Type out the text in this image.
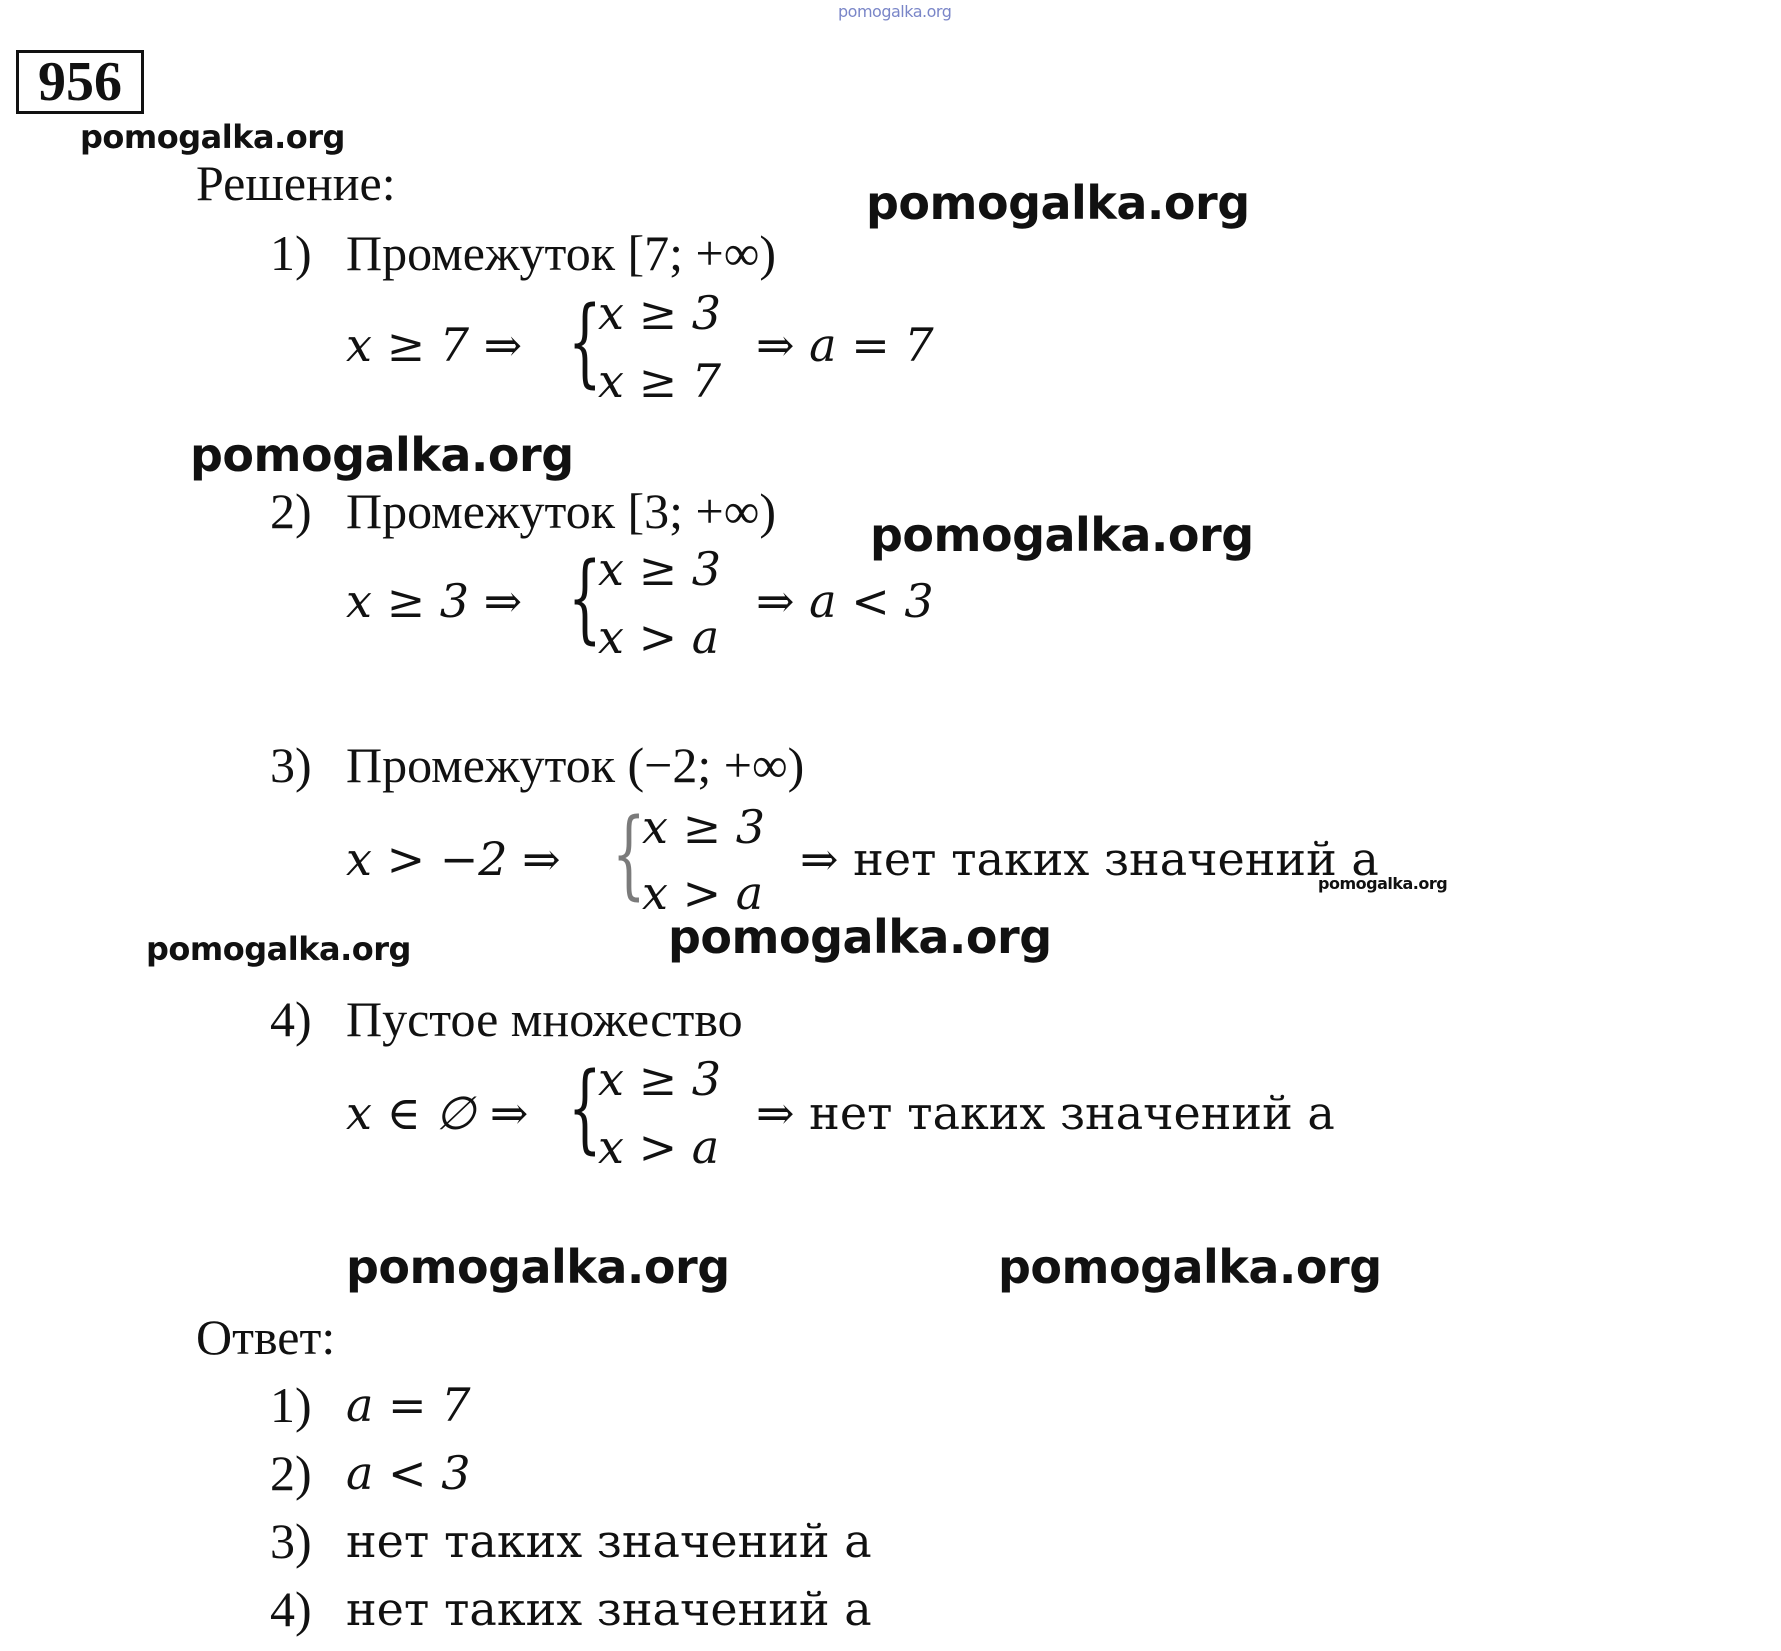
956
pomogalka.org
pomogalka.org
pomogalka.org
pomogalka.org
pomogalka.org
pomogalka.org
pomogalka.org	pomogalka.org
pomogalka.org	pomogalka.org
Решение:
1) Промежуток [7; +∞)
x ≥ 7 ⇒ {
x ≥ 3
x ≥ 7
⇒ a = 7
2) Промежуток [3; +∞)
x ≥ 3 ⇒ {
x ≥ 3
x > a
⇒ a < 3
3) Промежуток (−2; +∞)
x > −2 ⇒ {
x ≥ 3
x > a
⇒ нет таких значений a
4) Пустое множество
x ∈ ∅ ⇒ {
x ≥ 3
x > a
⇒ нет таких значений a
Ответ:
1) a = 7
2) a < 3
3) нет таких значений a
4) нет таких значений a
